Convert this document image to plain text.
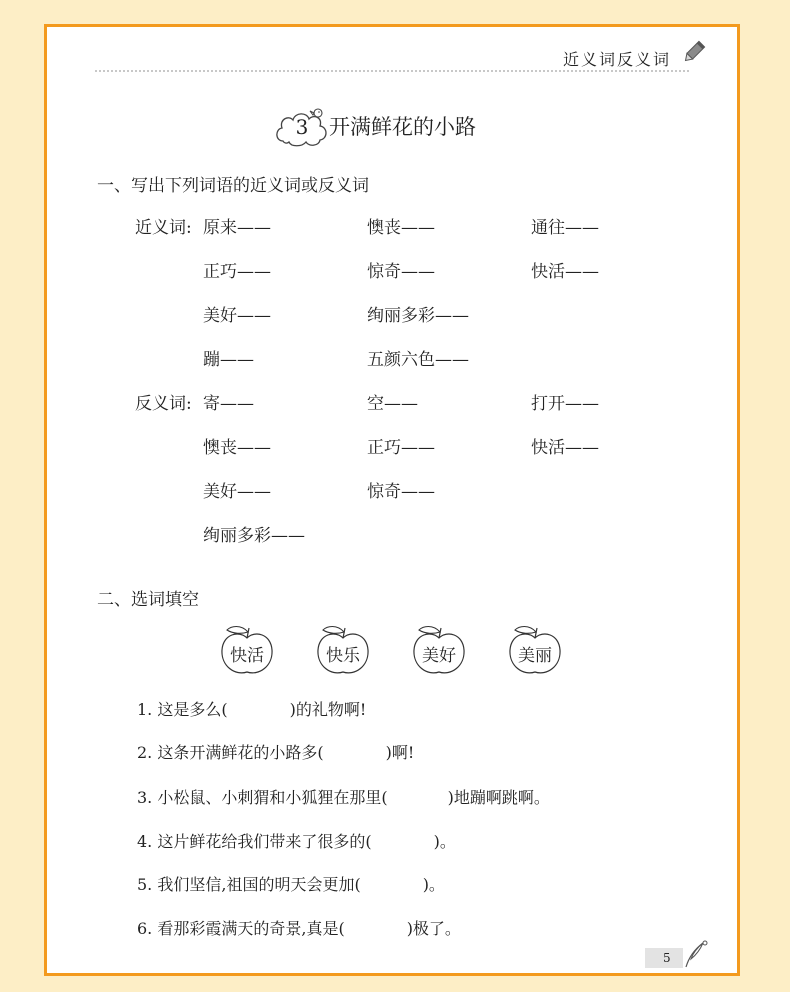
近义词反义词
3 开满鲜花的小路
一、写出下列词语的近义词或反义词
近义词: 原来——	懊丧——	通往——
正巧——	惊奇——	快活——
美好——	绚丽多彩——
蹦——	五颜六色——
反义词: 寄——	空——	打开——
懊丧——	正巧——	快活——
美好——	惊奇——
绚丽多彩——
二、选词填空
快活	快乐	美好	美丽
1. 这是多么(	)的礼物啊!
2. 这条开满鲜花的小路多(	)啊!
3. 小松鼠、小刺猬和小狐狸在那里(	)地蹦啊跳啊。
4. 这片鲜花给我们带来了很多的(	)。
5. 我们坚信,祖国的明天会更加(	)。
6. 看那彩霞满天的奇景,真是(	)极了。
5
